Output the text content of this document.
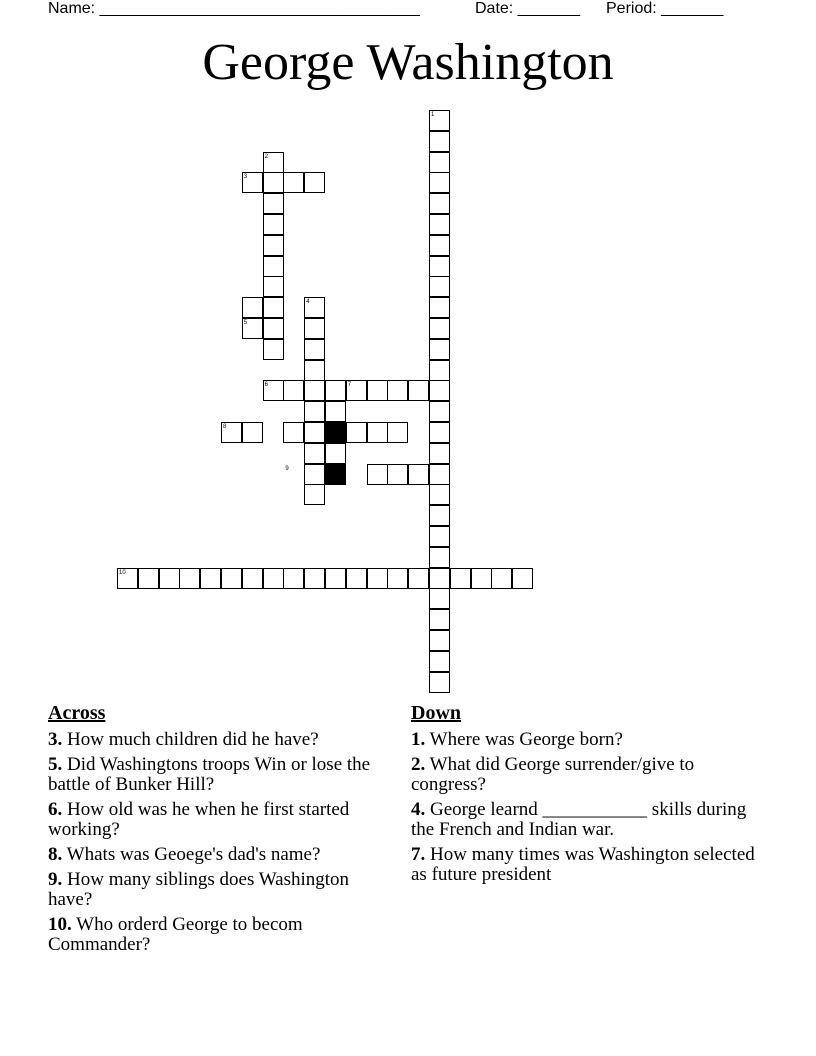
Name: ____________________________________	Date: _______ Period: _______
George Washington
1
2
3
4
5
6	7
8
9
10
Across
3. How much children did he have?
5. Did Washingtons troops Win or lose the battle of Bunker Hill?
6. How old was he when he first started working?
8. Whats was Geoege's dad's name?
9. How many siblings does Washington have?
10. Who orderd George to becom Commander?
Down
1. Where was George born?
2. What did George surrender/give to congress?
4. George learnd ___________ skills during the French and Indian war.
7. How many times was Washington selected as future president
